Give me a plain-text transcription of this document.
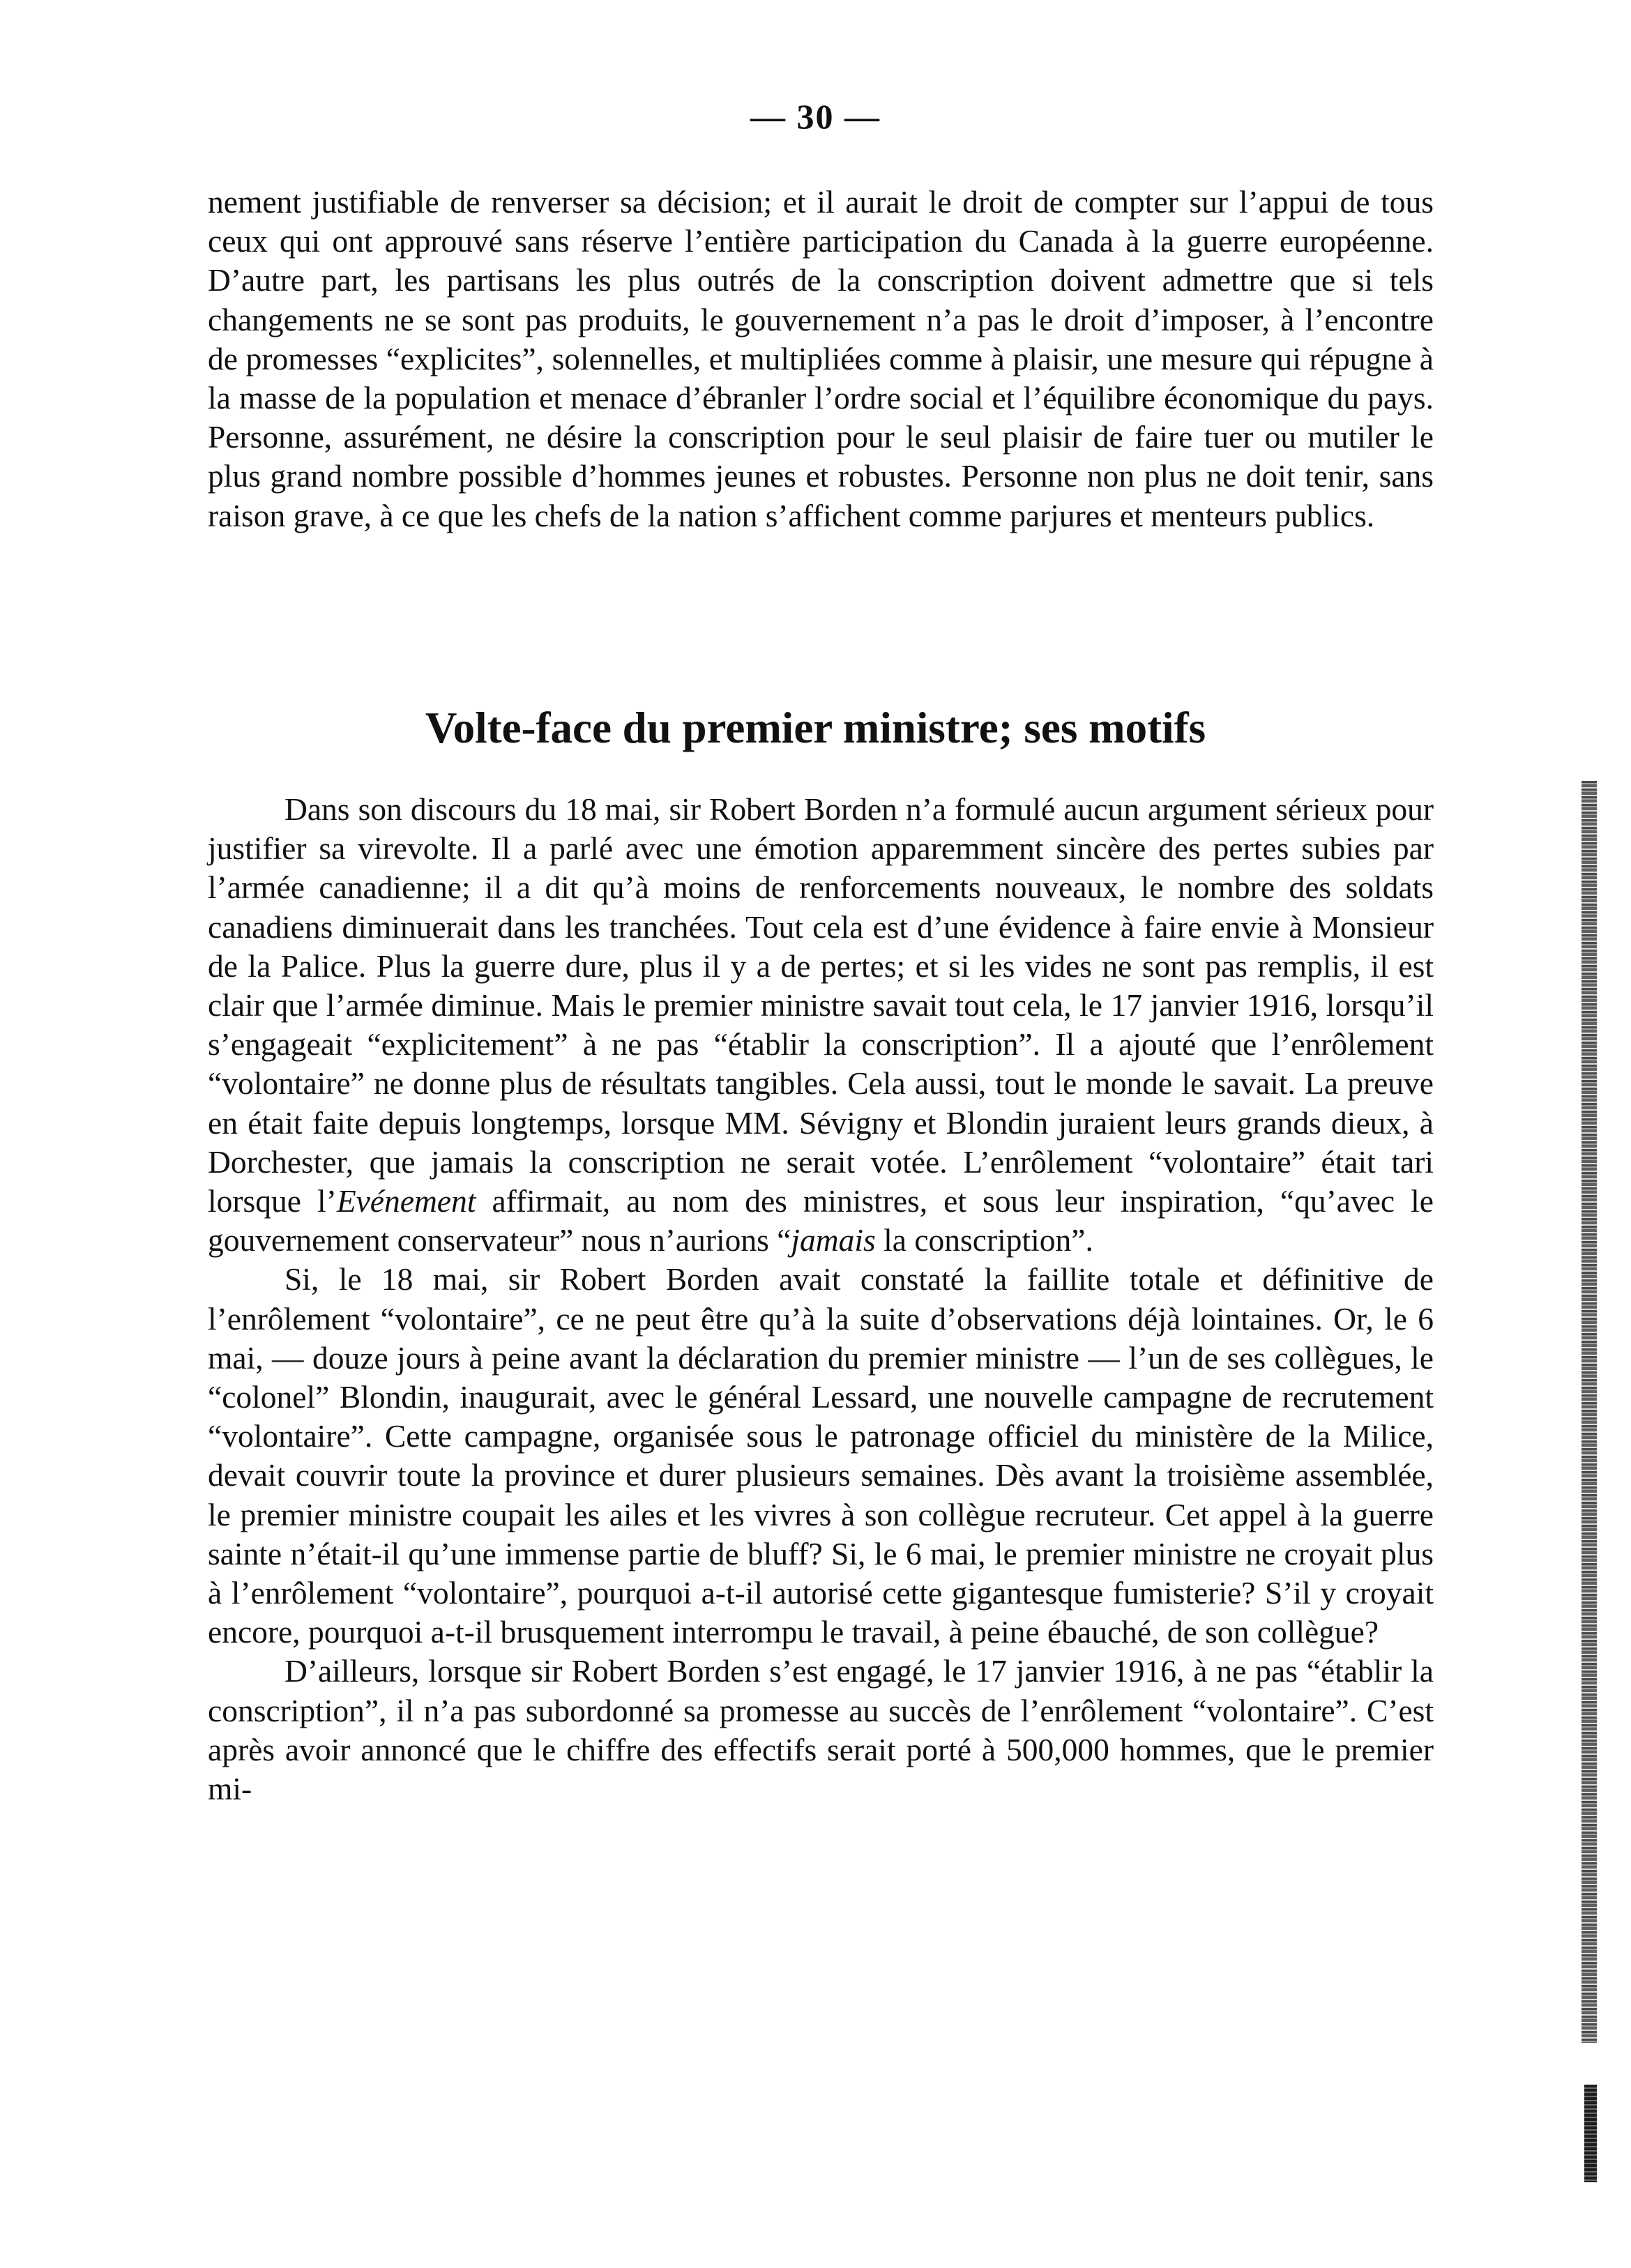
— 30 —

nement justifiable de renverser sa décision; et il aurait le droit de compter sur l’appui de tous ceux qui ont approuvé sans réserve l’entière participation du Canada à la guerre européenne. D’autre part, les partisans les plus outrés de la conscription doivent admettre que si tels changements ne se sont pas produits, le gouvernement n’a pas le droit d’imposer, à l’encontre de promesses “explicites”, solennelles, et multipliées comme à plaisir, une mesure qui répugne à la masse de la population et menace d’ébranler l’ordre social et l’équilibre économique du pays. Personne, assurément, ne désire la conscription pour le seul plaisir de faire tuer ou mutiler le plus grand nombre possible d’hommes jeunes et robustes. Personne non plus ne doit tenir, sans raison grave, à ce que les chefs de la nation s’affichent comme parjures et menteurs publics.

Volte-face du premier ministre; ses motifs

Dans son discours du 18 mai, sir Robert Borden n’a formulé aucun argument sérieux pour justifier sa virevolte. Il a parlé avec une émotion apparemment sincère des pertes subies par l’armée canadienne; il a dit qu’à moins de renforcements nouveaux, le nombre des soldats canadiens diminuerait dans les tranchées. Tout cela est d’une évidence à faire envie à Monsieur de la Palice. Plus la guerre dure, plus il y a de pertes; et si les vides ne sont pas remplis, il est clair que l’armée diminue. Mais le premier ministre savait tout cela, le 17 janvier 1916, lorsqu’il s’engageait “explicitement” à ne pas “établir la conscription”. Il a ajouté que l’enrôlement “volontaire” ne donne plus de résultats tangibles. Cela aussi, tout le monde le savait. La preuve en était faite depuis longtemps, lorsque MM. Sévigny et Blondin juraient leurs grands dieux, à Dorchester, que jamais la conscription ne serait votée. L’enrôlement “volontaire” était tari lorsque l’Evénement affirmait, au nom des ministres, et sous leur inspiration, “qu’avec le gouvernement conservateur” nous n’aurions “jamais la conscription”.

Si, le 18 mai, sir Robert Borden avait constaté la faillite totale et définitive de l’enrôlement “volontaire”, ce ne peut être qu’à la suite d’observations déjà lointaines. Or, le 6 mai, — douze jours à peine avant la déclaration du premier ministre — l’un de ses collègues, le “colonel” Blondin, inaugurait, avec le général Lessard, une nouvelle campagne de recrutement “volontaire”. Cette campagne, organisée sous le patronage officiel du ministère de la Milice, devait couvrir toute la province et durer plusieurs semaines. Dès avant la troisième assemblée, le premier ministre coupait les ailes et les vivres à son collègue recruteur. Cet appel à la guerre sainte n’était-il qu’une immense partie de bluff? Si, le 6 mai, le premier ministre ne croyait plus à l’enrôlement “volontaire”, pourquoi a-t-il autorisé cette gigantesque fumisterie? S’il y croyait encore, pourquoi a-t-il brusquement interrompu le travail, à peine ébauché, de son collègue?

D’ailleurs, lorsque sir Robert Borden s’est engagé, le 17 janvier 1916, à ne pas “établir la conscription”, il n’a pas subordonné sa promesse au succès de l’enrôlement “volontaire”. C’est après avoir annoncé que le chiffre des effectifs serait porté à 500,000 hommes, que le premier mi-
